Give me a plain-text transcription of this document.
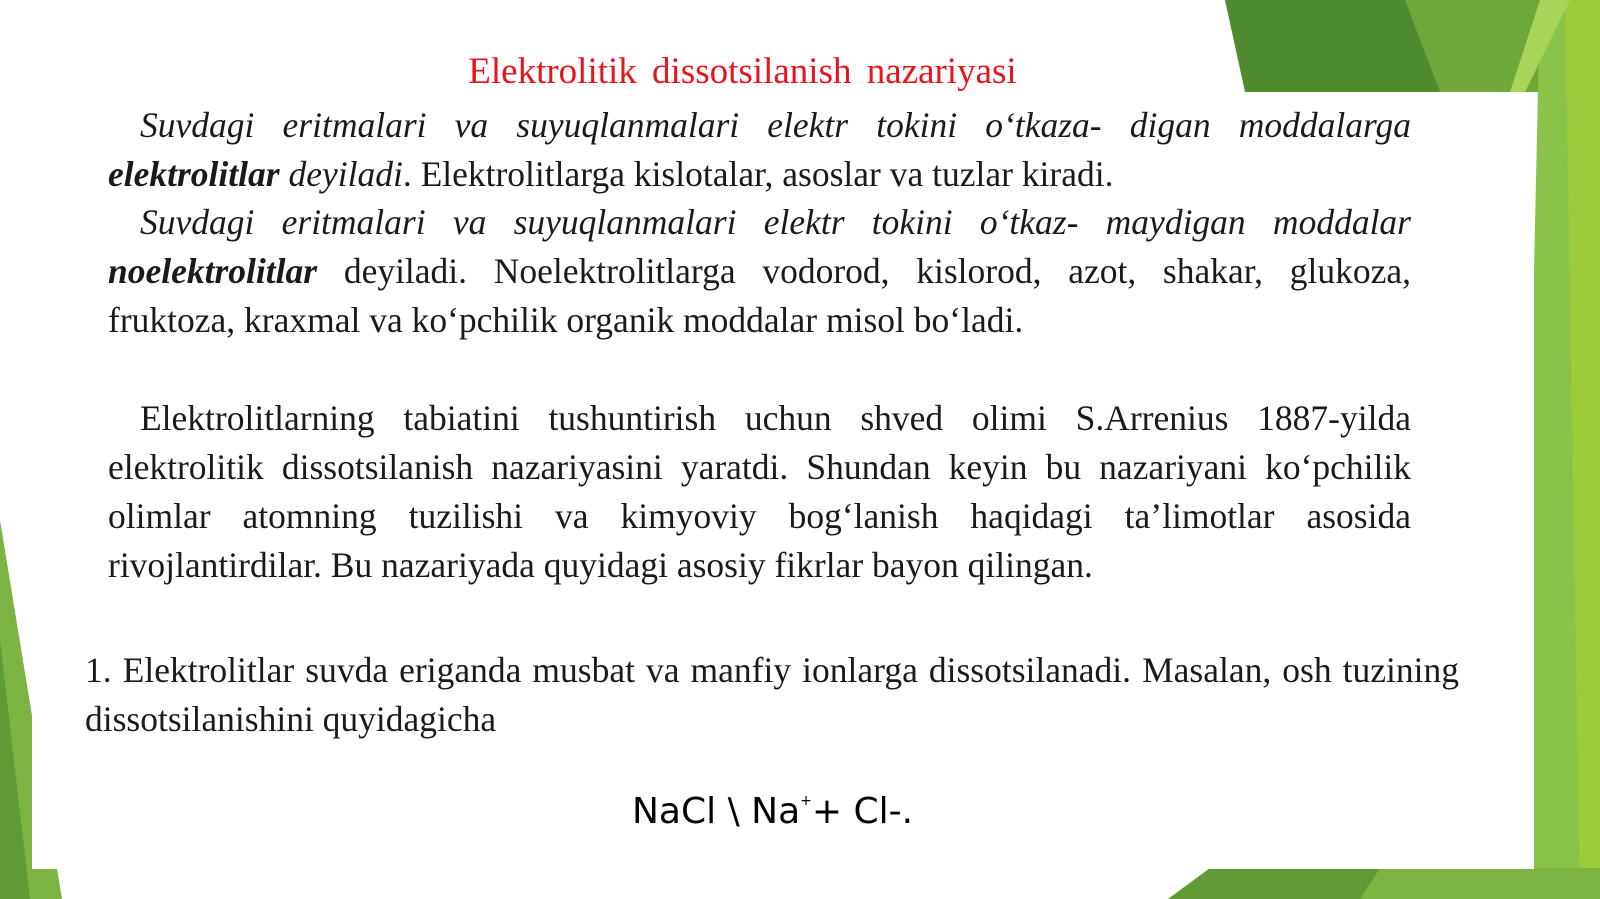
Elektrolitik dissotsilanish nazariyasi

Suvdagi eritmalari va suyuqlanmalari elektr tokini o‘tkaza- digan moddalarga elektrolitlar deyiladi. Elektrolitlarga kislotalar, asoslar va tuzlar kiradi.

Suvdagi eritmalari va suyuqlanmalari elektr tokini o‘tkaz- maydigan moddalar noelektrolitlar deyiladi. Noelektrolitlarga vodorod, kislorod, azot, shakar, glukoza, fruktoza, kraxmal va ko‘pchilik organik moddalar misol bo‘ladi.

Elektrolitlarning tabiatini tushuntirish uchun shved olimi S.Arrenius 1887-yilda elektrolitik dissotsilanish nazariyasini yaratdi. Shundan keyin bu nazariyani ko‘pchilik olimlar atomning tuzilishi va kimyoviy bog‘lanish haqidagi ta’limotlar asosida rivojlantirdilar. Bu nazariyada quyidagi asosiy fikrlar bayon qilingan.

1. Elektrolitlar suvda eriganda musbat va manfiy ionlarga dissotsilanadi. Masalan, osh tuzining dissotsilanishini quyidagicha

NaCl \ Na++ Cl-.
